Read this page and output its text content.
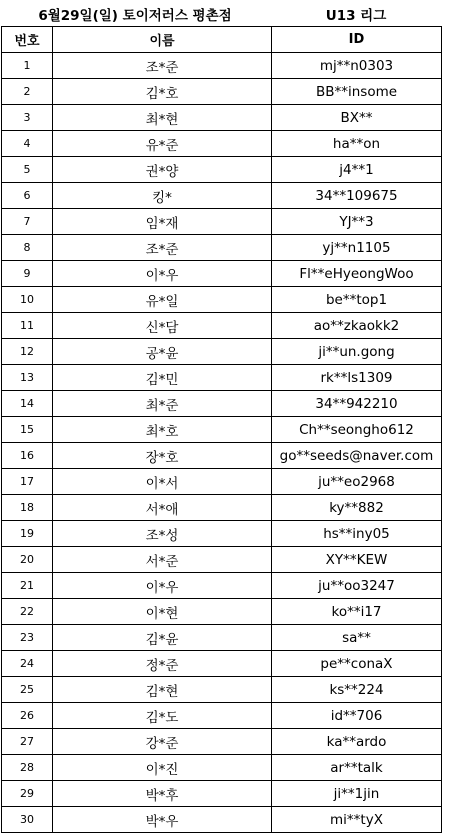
6월29일(일) 토이저러스 평촌점	U13 리그
번호	이름	ID
1	조*준	mj**n0303
2	김*호	BB**insome
3	최*현	BX**
4	유*준	ha**on
5	권*양	j4**1
6	킹*	34**109675
7	임*재	YJ**3
8	조*준	yj**n1105
9	이*우	Fl**eHyeongWoo
10	유*일	be**top1
11	신*담	ao**zkaokk2
12	공*윤	ji**un.gong
13	김*민	rk**ls1309
14	최*준	34**942210
15	최*호	Ch**seongho612
16	장*호	go**seeds@naver.com
17	이*서	ju**eo2968
18	서*애	ky**882
19	조*성	hs**iny05
20	서*준	XY**KEW
21	이*우	ju**oo3247
22	이*현	ko**i17
23	김*윤	sa**
24	정*준	pe**conaX
25	김*현	ks**224
26	김*도	id**706
27	강*준	ka**ardo
28	이*진	ar**talk
29	박*후	ji**1jin
30	박*우	mi**tyX
